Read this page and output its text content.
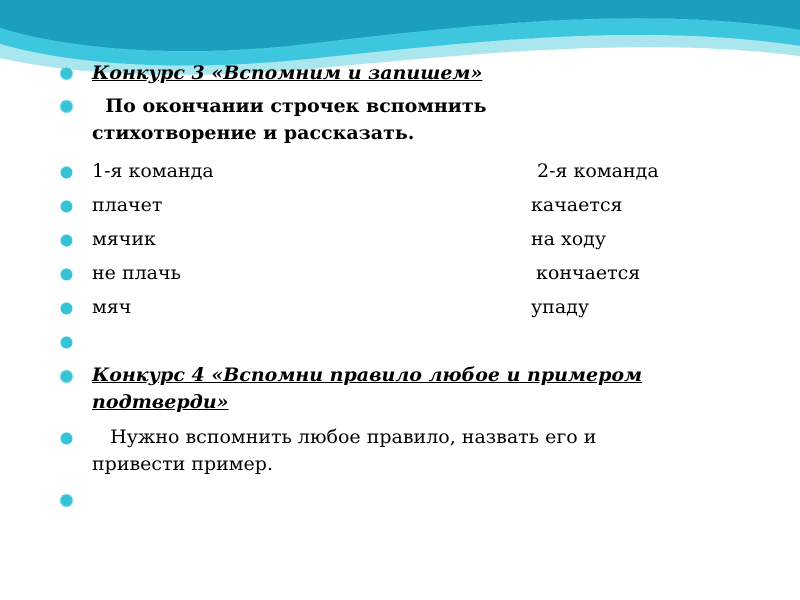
Конкурс 3 «Вспомним и запишем»
По окончании строчек вспомнить
стихотворение и рассказать.
1-я команда	2-я команда
плачет	качается
мячик	на ходу
не плачь	кончается
мяч	упаду
Конкурс 4 «Вспомни правило любое и примером
подтверди»
Нужно вспомнить любое правило, назвать его и
привести пример.
